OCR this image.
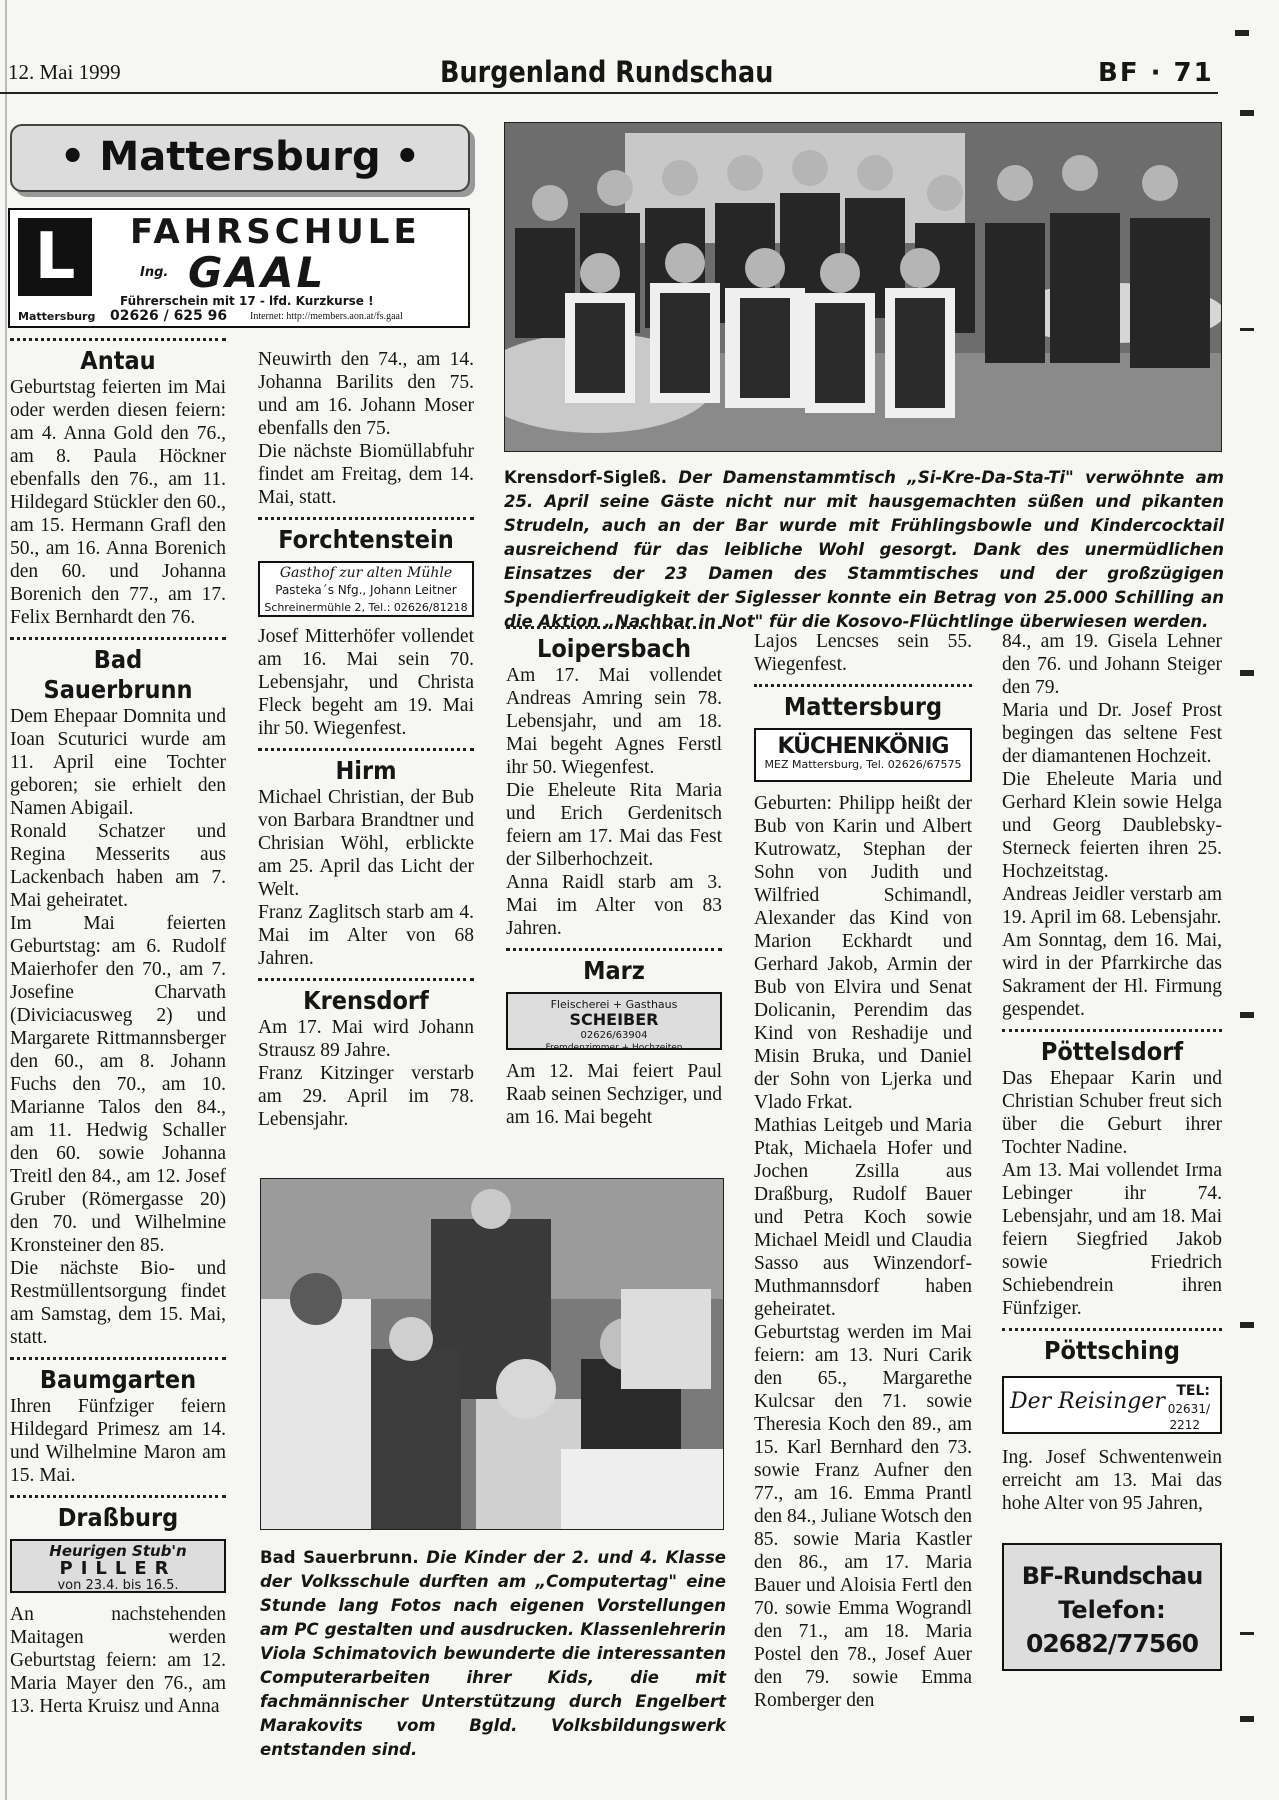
12. Mai 1999	Burgenland Rundschau	BF · 71
• Mattersburg •
L	FAHRSCHULE
Ing. GAAL
Führerschein mit 17 - lfd. Kurzkurse !
Mattersburg 02626 / 625 96 Internet: http://members.aon.at/fs.gaal
Antau

Geburtstag feierten im Mai oder werden diesen feiern: am 4. Anna Gold den 76., am 8. Paula Höckner ebenfalls den 76., am 11. Hildegard Stückler den 60., am 15. Hermann Grafl den 50., am 16. Anna Borenich den 60. und Johanna Borenich den 77., am 17. Felix Bernhardt den 76.

Bad Sauerbrunn

Dem Ehepaar Domnita und Ioan Scuturici wurde am 11. April eine Tochter geboren; sie erhielt den Namen Abigail.

Ronald Schatzer und Regina Messerits aus Lackenbach haben am 7. Mai geheiratet.

Im Mai feierten Geburtstag: am 6. Rudolf Maierhofer den 70., am 7. Josefine Charvath (Diviciacusweg 2) und Margarete Rittmannsberger den 60., am 8. Johann Fuchs den 70., am 10. Marianne Talos den 84., am 11. Hedwig Schaller den 60. sowie Johanna Treitl den 84., am 12. Josef Gruber (Römergasse 20) den 70. und Wilhelmine Kronsteiner den 85.

Die nächste Bio- und Restmüllentsorgung findet am Samstag, dem 15. Mai, statt.

Baumgarten

Ihren Fünfziger feiern Hildegard Primesz am 14. und Wilhelmine Maron am 15. Mai.

Draßburg
Heurigen Stub'n
PILLER
von 23.4. bis 16.5.

An nachstehenden Maitagen werden Geburtstag feiern: am 12. Maria Mayer den 76., am 13. Herta Kruisz und Anna

Neuwirth den 74., am 14. Johanna Barilits den 75. und am 16. Johann Moser ebenfalls den 75.

Die nächste Biomüllabfuhr findet am Freitag, dem 14. Mai, statt.

Forchtenstein
Gasthof zur alten Mühle
Pasteka´s Nfg., Johann Leitner
Schreinermühle 2, Tel.: 02626/81218

Josef Mitterhöfer vollendet am 16. Mai sein 70. Lebensjahr, und Christa Fleck begeht am 19. Mai ihr 50. Wiegenfest.

Hirm

Michael Christian, der Bub von Barbara Brandtner und Chrisian Wöhl, erblickte am 25. April das Licht der Welt.

Franz Zaglitsch starb am 4. Mai im Alter von 68 Jahren.

Krensdorf

Am 17. Mai wird Johann Strausz 89 Jahre.

Franz Kitzinger verstarb am 29. April im 78. Lebensjahr.

Krensdorf-Sigleß. Der Damenstammtisch „Si-Kre-Da-Sta-Ti" verwöhnte am 25. April seine Gäste nicht nur mit hausgemachten süßen und pikanten Strudeln, auch an der Bar wurde mit Frühlingsbowle und Kindercocktail ausreichend für das leibliche Wohl gesorgt. Dank des unermüdlichen Einsatzes der 23 Damen des Stammtisches und der großzügigen Spendierfreudigkeit der Siglesser konnte ein Betrag von 25.000 Schilling an die Aktion „Nachbar in Not" für die Kosovo-Flüchtlinge überwiesen werden.
Loipersbach

Am 17. Mai vollendet Andreas Amring sein 78. Lebensjahr, und am 18. Mai begeht Agnes Ferstl ihr 50. Wiegenfest.

Die Eheleute Rita Maria und Erich Gerdenitsch feiern am 17. Mai das Fest der Silberhochzeit.

Anna Raidl starb am 3. Mai im Alter von 83 Jahren.

Marz
Fleischerei + Gasthaus
SCHEIBER
02626/63904
Fremdenzimmer + Hochzeiten

Am 12. Mai feiert Paul Raab seinen Sechziger, und am 16. Mai begeht

Bad Sauerbrunn. Die Kinder der 2. und 4. Klasse der Volksschule durften am „Computertag" eine Stunde lang Fotos nach eigenen Vorstellungen am PC gestalten und ausdrucken. Klassenlehrerin Viola Schimatovich bewunderte die interessanten Computerarbeiten ihrer Kids, die mit fachmännischer Unterstützung durch Engelbert Marakovits vom Bgld. Volksbildungswerk entstanden sind.

Lajos Lencses sein 55. Wiegenfest.

Mattersburg
KÜCHENKÖNIG
MEZ Mattersburg, Tel. 02626/67575

Geburten: Philipp heißt der Bub von Karin und Albert Kutrowatz, Stephan der Sohn von Judith und Wilfried Schimandl, Alexander das Kind von Marion Eckhardt und Gerhard Jakob, Armin der Bub von Elvira und Senat Dolicanin, Perendim das Kind von Reshadije und Misin Bruka, und Daniel der Sohn von Ljerka und Vlado Frkat.

Mathias Leitgeb und Maria Ptak, Michaela Hofer und Jochen Zsilla aus Draßburg, Rudolf Bauer und Petra Koch sowie Michael Meidl und Claudia Sasso aus Winzendorf-Muthmannsdorf haben geheiratet.

Geburtstag werden im Mai feiern: am 13. Nuri Carik den 65., Margarethe Kulcsar den 71. sowie Theresia Koch den 89., am 15. Karl Bernhard den 73. sowie Franz Aufner den 77., am 16. Emma Prantl den 84., Juliane Wotsch den 85. sowie Maria Kastler den 86., am 17. Maria Bauer und Aloisia Fertl den 70. sowie Emma Wograndl den 71., am 18. Maria Postel den 78., Josef Auer den 79. sowie Emma Romberger den

84., am 19. Gisela Lehner den 76. und Johann Steiger den 79.

Maria und Dr. Josef Prost begingen das seltene Fest der diamantenen Hochzeit.

Die Eheleute Maria und Gerhard Klein sowie Helga und Georg Daublebsky-Sterneck feierten ihren 25. Hochzeitstag.

Andreas Jeidler verstarb am 19. April im 68. Lebensjahr.

Am Sonntag, dem 16. Mai, wird in der Pfarrkirche das Sakrament der Hl. Firmung gespendet.

Pöttelsdorf

Das Ehepaar Karin und Christian Schuber freut sich über die Geburt ihrer Tochter Nadine.

Am 13. Mai vollendet Irma Lebinger ihr 74. Lebensjahr, und am 18. Mai feiern Siegfried Jakob sowie Friedrich Schiebendrein ihren Fünfziger.

Pöttsching
Der Reisinger TEL:
02631/
2212

Ing. Josef Schwentenwein erreicht am 13. Mai das hohe Alter von 95 Jahren,

BF-Rundschau
Telefon:
02682/77560
